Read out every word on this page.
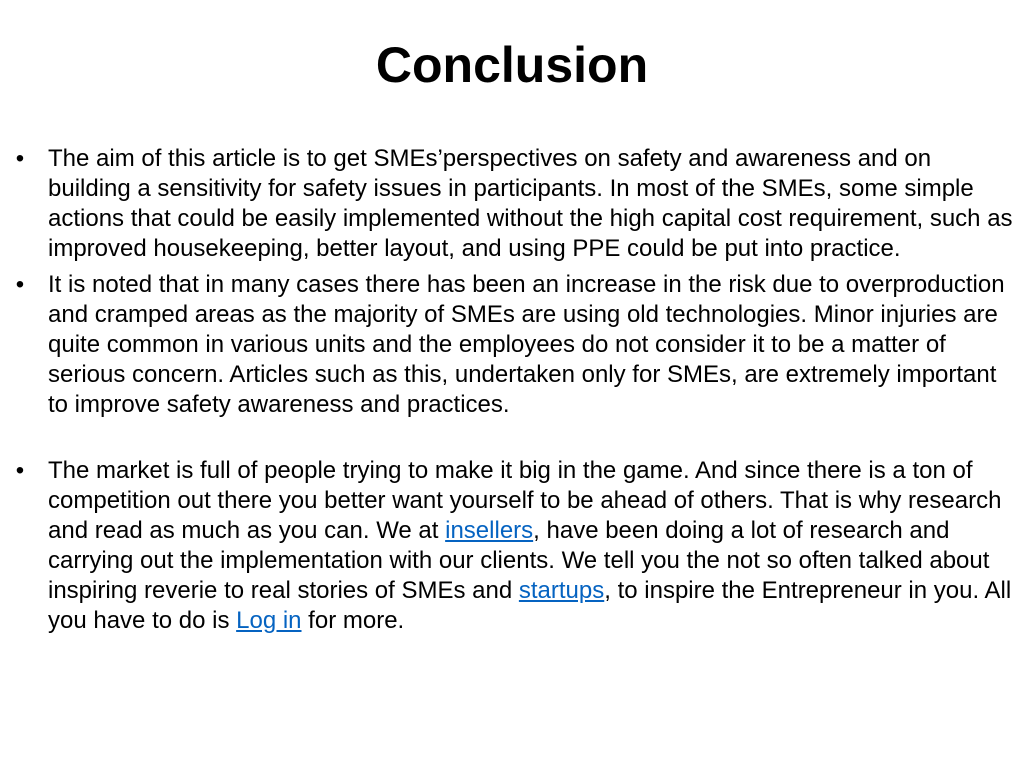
Conclusion
• The aim of this article is to get SMEs’perspectives on safety and awareness and on building a sensitivity for safety issues in participants. In most of the SMEs, some simple actions that could be easily implemented without the high capital cost requirement, such as improved housekeeping, better layout, and using PPE could be put into practice.
• It is noted that in many cases there has been an increase in the risk due to overproduction and cramped areas as the majority of SMEs are using old technologies. Minor injuries are quite common in various units and the employees do not consider it to be a matter of serious concern. Articles such as this, undertaken only for SMEs, are extremely important to improve safety awareness and practices.
• The market is full of people trying to make it big in the game. And since there is a ton of competition out there you better want yourself to be ahead of others. That is why research and read as much as you can. We at insellers, have been doing a lot of research and carrying out the implementation with our clients. We tell you the not so often talked about inspiring reverie to real stories of SMEs and startups, to inspire the Entrepreneur in you. All you have to do is Log in for more.
